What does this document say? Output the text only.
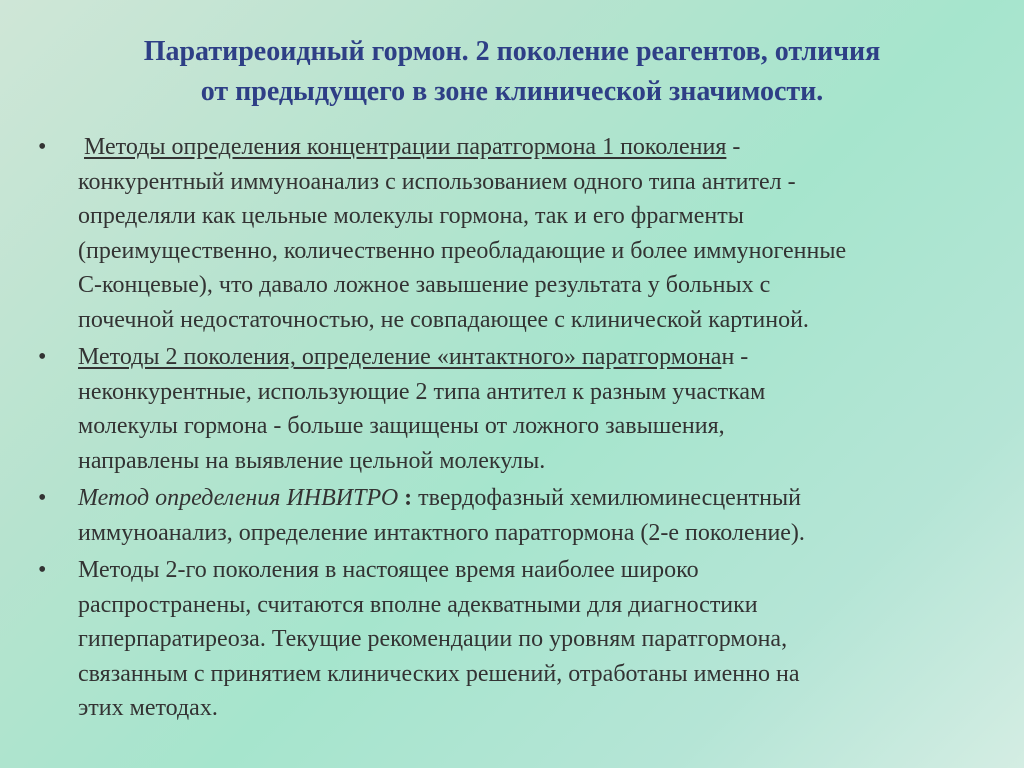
Паратиреоидный гормон. 2 поколение реагентов, отличия
от предыдущего в зоне клинической значимости.
•	Методы определения концентрации паратгормона 1 поколения -
конкурентный иммуноанализ с использованием одного типа антител -
определяли как цельные молекулы гормона, так и его фрагменты
(преимущественно, количественно преобладающие и более иммуногенные
С-концевые), что давало ложное завышение результата у больных с
почечной недостаточностью, не совпадающее с клинической картиной.
•	Методы 2 поколения, определение «интактного» паратгормонан -
неконкурентные, использующие 2 типа антител к разным участкам
молекулы гормона - больше защищены от ложного завышения,
направлены на выявление цельной молекулы.
•	Метод определения ИНВИТРО : твердофазный хемилюминесцентный
иммуноанализ, определение интактного паратгормона (2-е поколение).
•	Методы 2-го поколения в настоящее время наиболее широко
распространены, считаются вполне адекватными для диагностики
гиперпаратиреоза. Текущие рекомендации по уровням паратгормона,
связанным с принятием клинических решений, отработаны именно на
этих методах.
